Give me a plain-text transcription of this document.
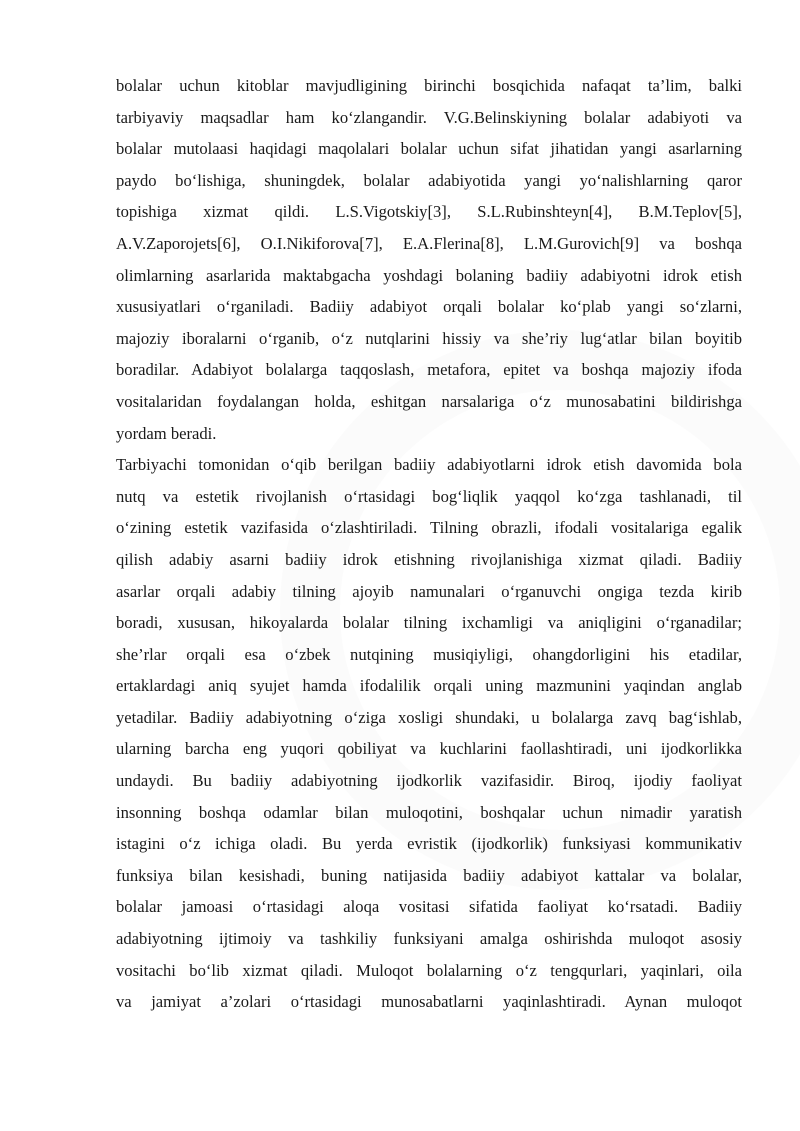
bolalar uchun kitoblar mavjudligining birinchi bosqichida nafaqat ta’lim, balki
tarbiyaviy maqsadlar ham ko‘zlangandir. V.G.Belinskiyning bolalar adabiyoti va
bolalar mutolaasi haqidagi maqolalari bolalar uchun sifat jihatidan yangi asarlarning
paydo bo‘lishiga, shuningdek, bolalar adabiyotida yangi yo‘nalishlarning qaror
topishiga xizmat qildi. L.S.Vigotskiy[3], S.L.Rubinshteyn[4], B.M.Teplov[5],
A.V.Zaporojets[6], O.I.Nikiforova[7], E.A.Flerina[8], L.M.Gurovich[9] va boshqa
olimlarning asarlarida maktabgacha yoshdagi bolaning badiiy adabiyotni idrok etish
xususiyatlari o‘rganiladi. Badiiy adabiyot orqali bolalar ko‘plab yangi so‘zlarni,
majoziy iboralarni o‘rganib, o‘z nutqlarini hissiy va she’riy lug‘atlar bilan boyitib
boradilar. Adabiyot bolalarga taqqoslash, metafora, epitet va boshqa majoziy ifoda
vositalaridan foydalangan holda, eshitgan narsalariga o‘z munosabatini bildirishga
yordam beradi.
Tarbiyachi tomonidan o‘qib berilgan badiiy adabiyotlarni idrok etish davomida bola
nutq va estetik rivojlanish o‘rtasidagi bog‘liqlik yaqqol ko‘zga tashlanadi, til
o‘zining estetik vazifasida o‘zlashtiriladi. Tilning obrazli, ifodali vositalariga egalik
qilish adabiy asarni badiiy idrok etishning rivojlanishiga xizmat qiladi. Badiiy
asarlar orqali adabiy tilning ajoyib namunalari o‘rganuvchi ongiga tezda kirib
boradi, xususan, hikoyalarda bolalar tilning ixchamligi va aniqligini o‘rganadilar;
she’rlar orqali esa o‘zbek nutqining musiqiyligi, ohangdorligini his etadilar,
ertaklardagi aniq syujet hamda ifodalilik orqali uning mazmunini yaqindan anglab
yetadilar. Badiiy adabiyotning o‘ziga xosligi shundaki, u bolalarga zavq bag‘ishlab,
ularning barcha eng yuqori qobiliyat va kuchlarini faollashtiradi, uni ijodkorlikka
undaydi. Bu badiiy adabiyotning ijodkorlik vazifasidir. Biroq, ijodiy faoliyat
insonning boshqa odamlar bilan muloqotini, boshqalar uchun nimadir yaratish
istagini o‘z ichiga oladi. Bu yerda evristik (ijodkorlik) funksiyasi kommunikativ
funksiya bilan kesishadi, buning natijasida badiiy adabiyot kattalar va bolalar,
bolalar jamoasi o‘rtasidagi aloqa vositasi sifatida faoliyat ko‘rsatadi. Badiiy
adabiyotning ijtimoiy va tashkiliy funksiyani amalga oshirishda muloqot asosiy
vositachi bo‘lib xizmat qiladi. Muloqot bolalarning o‘z tengqurlari, yaqinlari, oila
va jamiyat a’zolari o‘rtasidagi munosabatlarni yaqinlashtiradi. Aynan muloqot
